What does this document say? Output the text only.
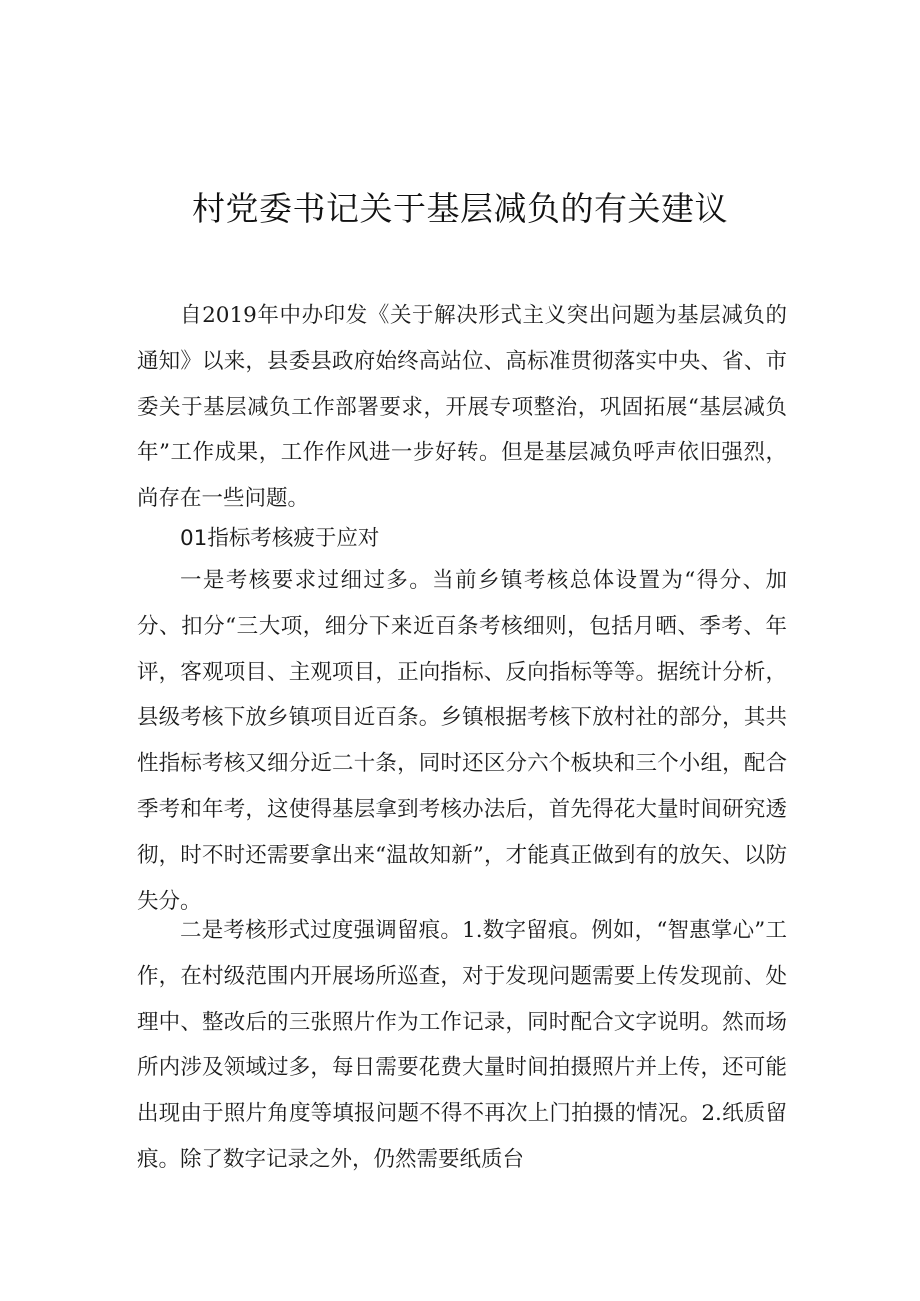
村党委书记关于基层减负的有关建议

自2019年中办印发《关于解决形式主义突出问题为基层减负的通知》以来，县委县政府始终高站位、高标准贯彻落实中央、省、市委关于基层减负工作部署要求，开展专项整治，巩固拓展“基层减负年”工作成果，工作作风进一步好转。但是基层减负呼声依旧强烈，尚存在一些问题。

01指标考核疲于应对

一是考核要求过细过多。当前乡镇考核总体设置为“得分、加分、扣分“三大项，细分下来近百条考核细则，包括月晒、季考、年评，客观项目、主观项目，正向指标、反向指标等等。据统计分析，县级考核下放乡镇项目近百条。乡镇根据考核下放村社的部分，其共性指标考核又细分近二十条，同时还区分六个板块和三个小组，配合季考和年考，这使得基层拿到考核办法后，首先得花大量时间研究透彻，时不时还需要拿出来“温故知新”，才能真正做到有的放矢、以防失分。

二是考核形式过度强调留痕。1.数字留痕。例如，“智惠掌心”工作，在村级范围内开展场所巡查，对于发现问题需要上传发现前、处理中、整改后的三张照片作为工作记录，同时配合文字说明。然而场所内涉及领域过多，每日需要花费大量时间拍摄照片并上传，还可能出现由于照片角度等填报问题不得不再次上门拍摄的情况。2.纸质留痕。除了数字记录之外，仍然需要纸质台
